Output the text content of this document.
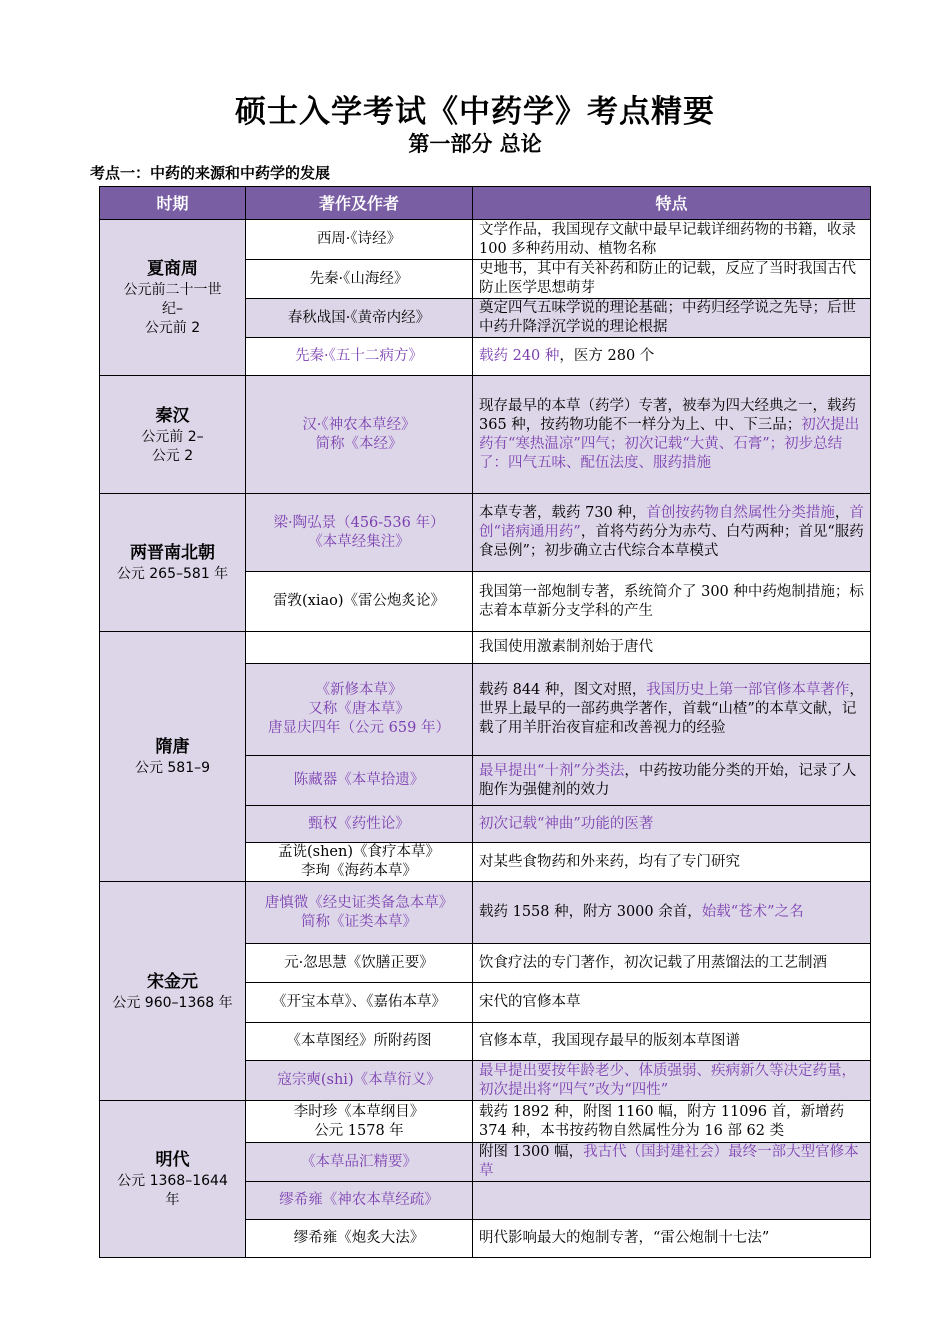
硕士入学考试《中药学》考点精要
第一部分 总论
考点一：中药的来源和中药学的发展
时期	著作及作者	特点

夏商周
公元前二十一世
纪–
公元前 2	西周·《诗经》	文学作品，我国现存文献中最早记载详细药物的书籍，收录 100 多种药用动、植物名称
	先秦·《山海经》	史地书，其中有关补药和防止的记载，反应了当时我国古代防止医学思想萌芽
	春秋战国·《黄帝内经》	奠定四气五味学说的理论基础；中药归经学说之先导；后世中药升降浮沉学说的理论根据
	先秦·《五十二病方》	载药 240 种，医方 280 个

秦汉
公元前 2–
公元 2	汉·《神农本草经》
简称《本经》	现存最早的本草（药学）专著，被奉为四大经典之一，载药 365 种，按药物功能不一样分为上、中、下三品；初次提出药有“寒热温凉”四气；初次记载“大黄、石膏”；初步总结了：四气五味、配伍法度、服药措施

两晋南北朝
公元 265–581 年	梁·陶弘景（456-536 年）
《本草经集注》	本草专著，载药 730 种，首创按药物自然属性分类措施，首创“诸病通用药”，首将芍药分为赤芍、白芍两种；首见“服药食忌例”；初步确立古代综合本草模式
	雷敩(xiao)《雷公炮炙论》	我国第一部炮制专著，系统简介了 300 种中药炮制措施；标志着本草新分支学科的产生

隋唐
公元 581–9		我国使用激素制剂始于唐代
	《新修本草》
又称《唐本草》
唐显庆四年（公元 659 年）	载药 844 种，图文对照，我国历史上第一部官修本草著作，世界上最早的一部药典学著作，首载“山楂”的本草文献，记载了用羊肝治夜盲症和改善视力的经验
	陈藏器《本草拾遗》	最早提出“十剂”分类法，中药按功能分类的开始，记录了人胞作为强健剂的效力
	甄权《药性论》	初次记载“神曲”功能的医著
	孟诜(shen)《食疗本草》
李珣《海药本草》	对某些食物药和外来药，均有了专门研究

宋金元
公元 960–1368 年	唐慎微《经史证类备急本草》
简称《证类本草》	载药 1558 种，附方 3000 余首，始载“苍术”之名
	元·忽思慧《饮膳正要》	饮食疗法的专门著作，初次记载了用蒸馏法的工艺制酒
	《开宝本草》、《嘉佑本草》	宋代的官修本草
	《本草图经》所附药图	官修本草，我国现存最早的版刻本草图谱
	寇宗奭(shi)《本草衍义》	最早提出要按年龄老少、体质强弱、疾病新久等决定药量，初次提出将“四气”改为“四性”

明代
公元 1368–1644
年	李时珍《本草纲目》
公元 1578 年	载药 1892 种，附图 1160 幅，附方 11096 首，新增药 374 种，本书按药物自然属性分为 16 部 62 类
	《本草品汇精要》	附图 1300 幅，我古代（国封建社会）最终一部大型官修本草
	缪希雍《神农本草经疏》	
	缪希雍《炮炙大法》	明代影响最大的炮制专著，“雷公炮制十七法”
